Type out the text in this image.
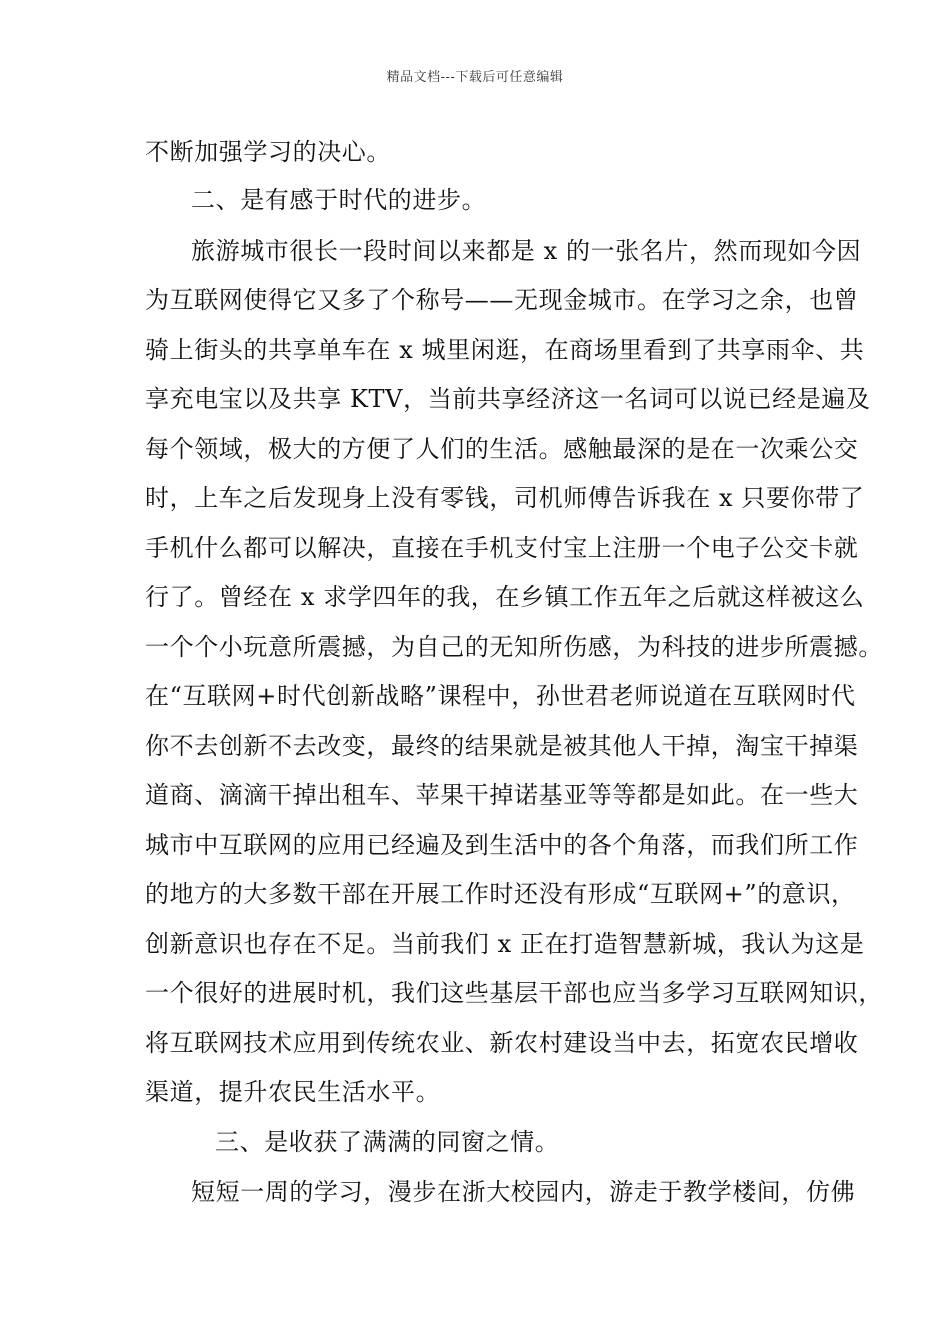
精品文档---下载后可任意编辑
不断加强学习的决心。
二、是有感于时代的进步。
旅游城市很长一段时间以来都是 x 的一张名片，然而现如今因
为互联网使得它又多了个称号——无现金城市。在学习之余，也曾
骑上街头的共享单车在 x 城里闲逛，在商场里看到了共享雨伞、共
享充电宝以及共享 KTV，当前共享经济这一名词可以说已经是遍及
每个领域，极大的方便了人们的生活。感触最深的是在一次乘公交
时，上车之后发现身上没有零钱，司机师傅告诉我在 x 只要你带了
手机什么都可以解决，直接在手机支付宝上注册一个电子公交卡就
行了。曾经在 x 求学四年的我，在乡镇工作五年之后就这样被这么
一个个小玩意所震撼，为自己的无知所伤感，为科技的进步所震撼。
在“互联网+时代创新战略”课程中，孙世君老师说道在互联网时代
你不去创新不去改变，最终的结果就是被其他人干掉，淘宝干掉渠
道商、滴滴干掉出租车、苹果干掉诺基亚等等都是如此。在一些大
城市中互联网的应用已经遍及到生活中的各个角落，而我们所工作
的地方的大多数干部在开展工作时还没有形成“互联网+”的意识，
创新意识也存在不足。当前我们 x 正在打造智慧新城，我认为这是
一个很好的进展时机，我们这些基层干部也应当多学习互联网知识，
将互联网技术应用到传统农业、新农村建设当中去，拓宽农民增收
渠道，提升农民生活水平。
三、是收获了满满的同窗之情。
短短一周的学习，漫步在浙大校园内，游走于教学楼间，仿佛
